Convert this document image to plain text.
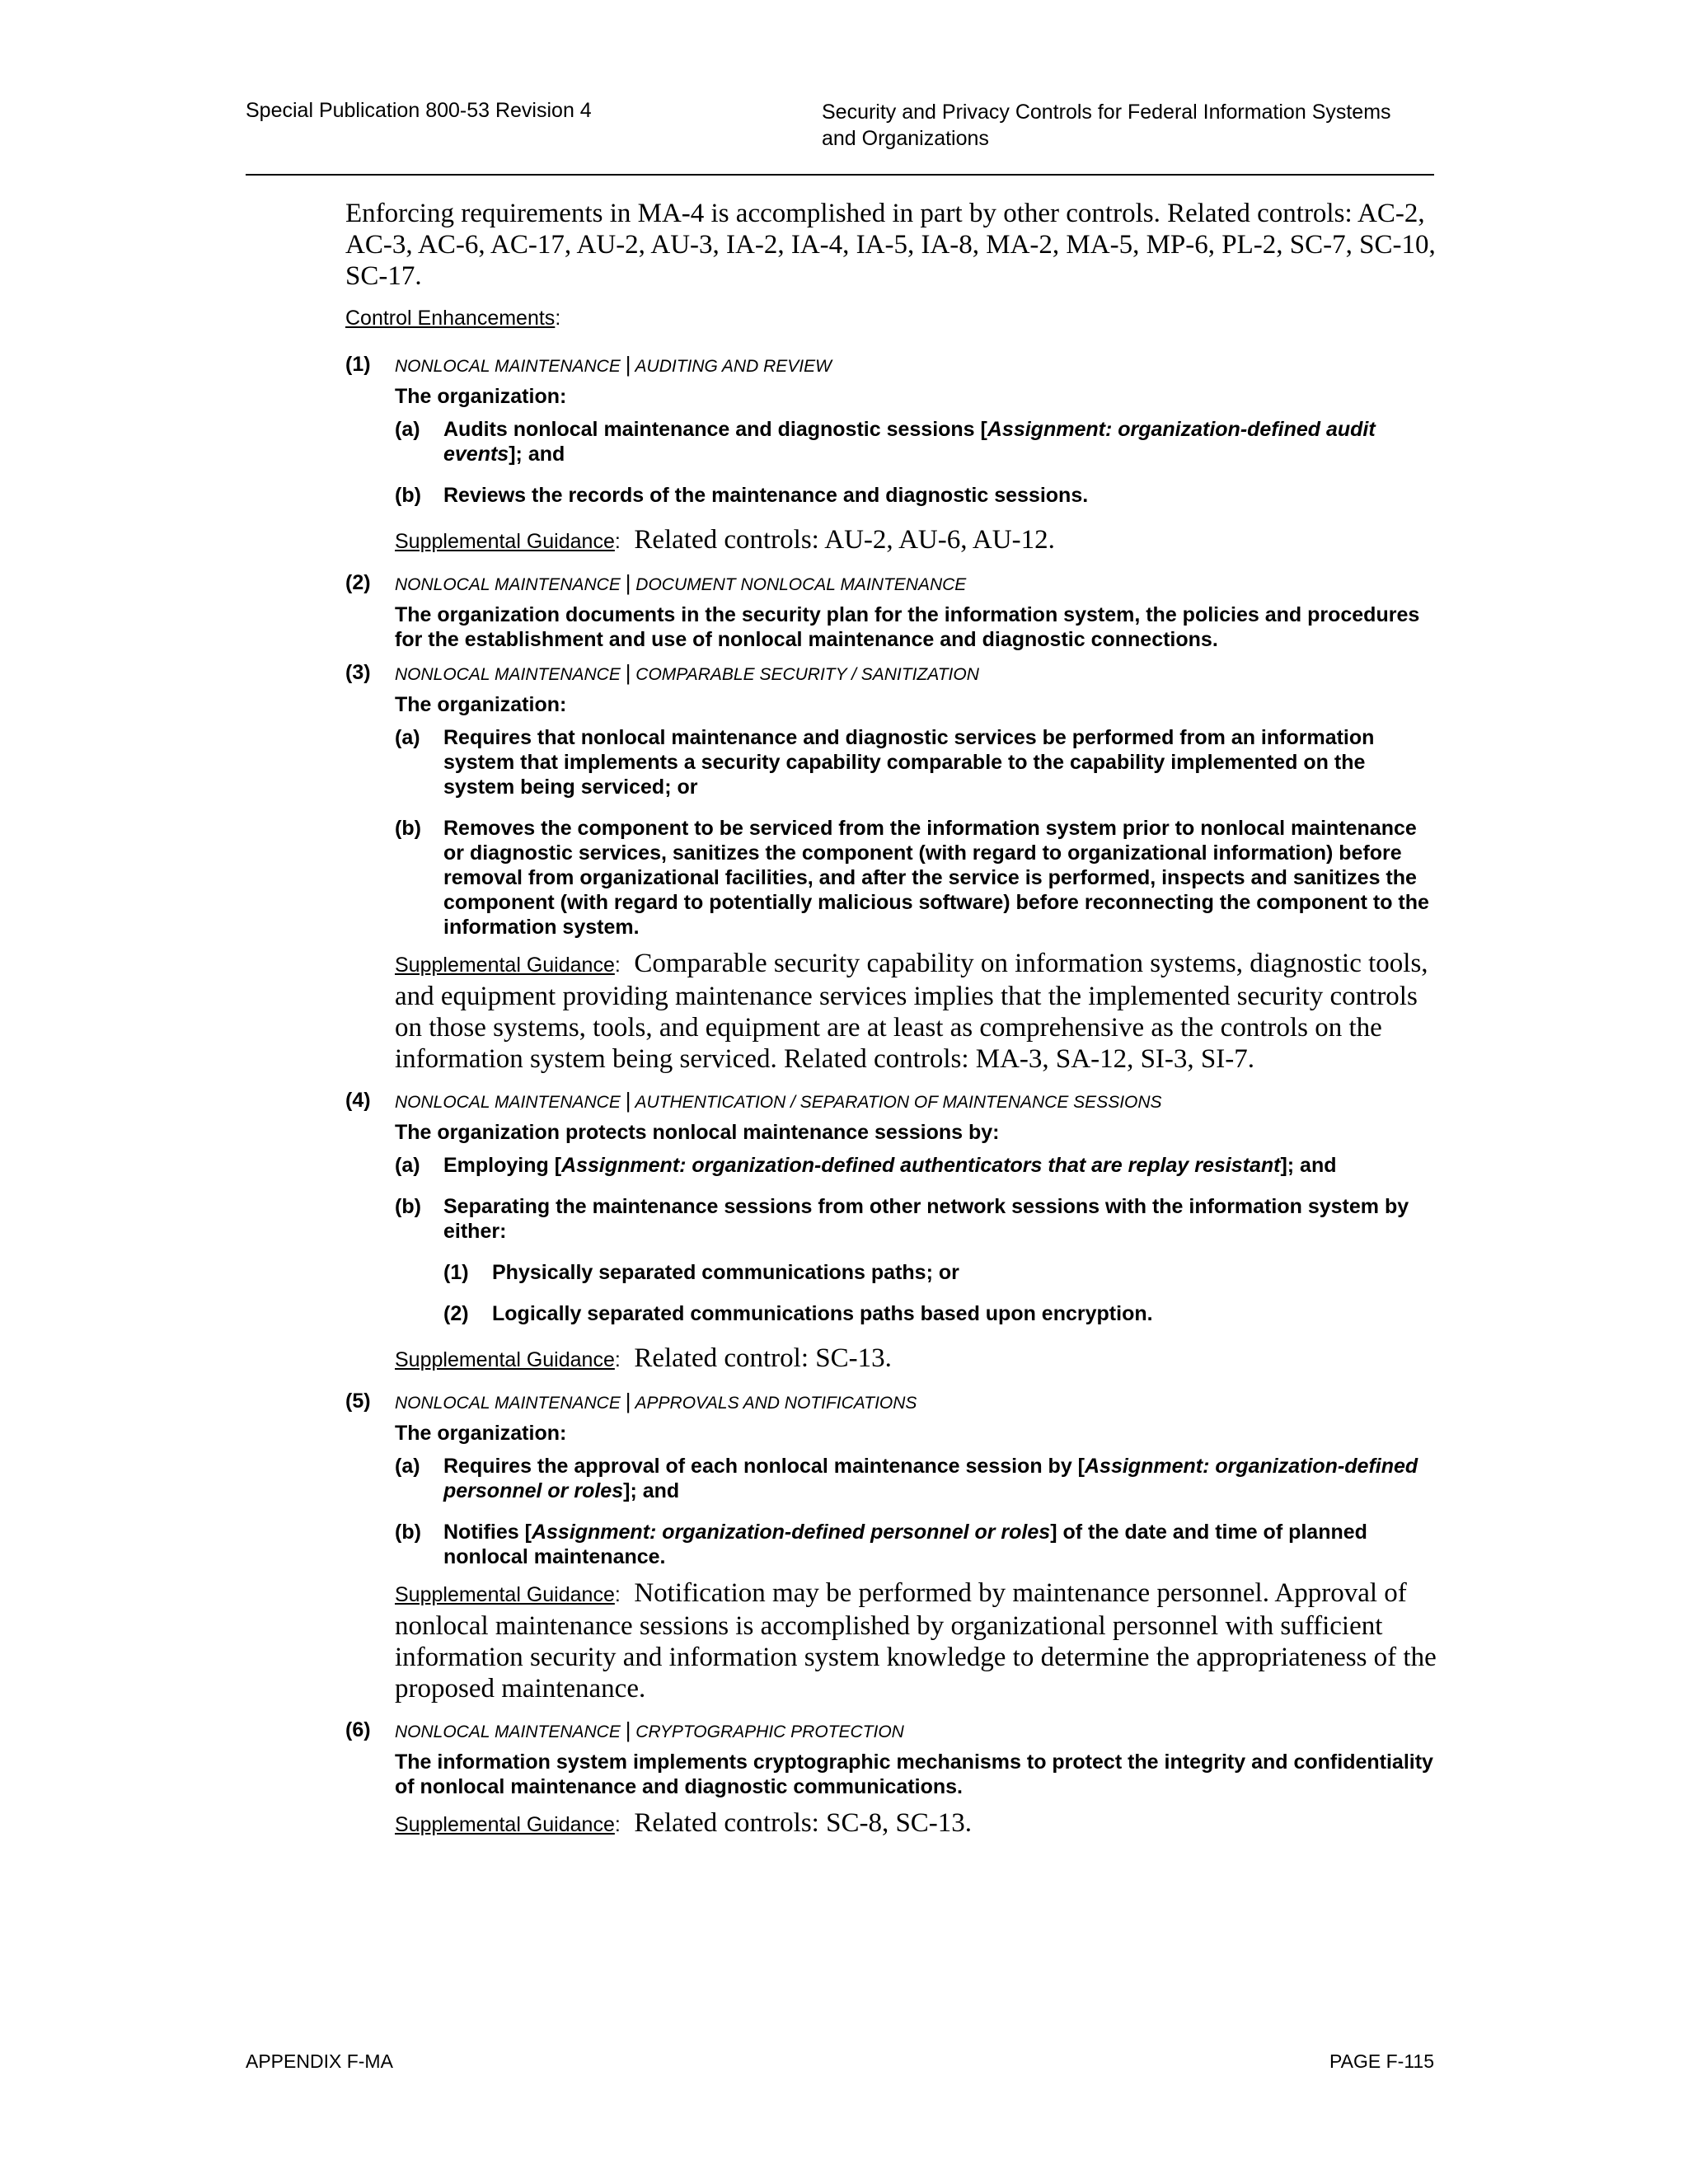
Special Publication 800-53 Revision 4	Security and Privacy Controls for Federal Information Systems
and Organizations

Enforcing requirements in MA-4 is accomplished in part by other controls. Related controls: AC-2, AC-3, AC-6, AC-17, AU-2, AU-3, IA-2, IA-4, IA-5, IA-8, MA-2, MA-5, MP-6, PL-2, SC-7, SC-10, SC-17.

Control Enhancements:

(1) NONLOCAL MAINTENANCE | AUDITING AND REVIEW
The organization:
(a) Audits nonlocal maintenance and diagnostic sessions [Assignment: organization-defined audit events]; and
(b) Reviews the records of the maintenance and diagnostic sessions.

Supplemental Guidance: Related controls: AU-2, AU-6, AU-12.

(2) NONLOCAL MAINTENANCE | DOCUMENT NONLOCAL MAINTENANCE
The organization documents in the security plan for the information system, the policies and procedures for the establishment and use of nonlocal maintenance and diagnostic connections.
(3) NONLOCAL MAINTENANCE | COMPARABLE SECURITY / SANITIZATION
The organization:
(a) Requires that nonlocal maintenance and diagnostic services be performed from an information system that implements a security capability comparable to the capability implemented on the system being serviced; or
(b) Removes the component to be serviced from the information system prior to nonlocal maintenance or diagnostic services, sanitizes the component (with regard to organizational information) before removal from organizational facilities, and after the service is performed, inspects and sanitizes the component (with regard to potentially malicious software) before reconnecting the component to the information system.

Supplemental Guidance: Comparable security capability on information systems, diagnostic tools, and equipment providing maintenance services implies that the implemented security controls on those systems, tools, and equipment are at least as comprehensive as the controls on the information system being serviced. Related controls: MA-3, SA-12, SI-3, SI-7.

(4) NONLOCAL MAINTENANCE | AUTHENTICATION / SEPARATION OF MAINTENANCE SESSIONS
The organization protects nonlocal maintenance sessions by:
(a) Employing [Assignment: organization-defined authenticators that are replay resistant]; and
(b) Separating the maintenance sessions from other network sessions with the information system by either:
(1) Physically separated communications paths; or
(2) Logically separated communications paths based upon encryption.

Supplemental Guidance: Related control: SC-13.

(5) NONLOCAL MAINTENANCE | APPROVALS AND NOTIFICATIONS
The organization:
(a) Requires the approval of each nonlocal maintenance session by [Assignment: organization-defined personnel or roles]; and
(b) Notifies [Assignment: organization-defined personnel or roles] of the date and time of planned nonlocal maintenance.

Supplemental Guidance: Notification may be performed by maintenance personnel. Approval of nonlocal maintenance sessions is accomplished by organizational personnel with sufficient information security and information system knowledge to determine the appropriateness of the proposed maintenance.

(6) NONLOCAL MAINTENANCE | CRYPTOGRAPHIC PROTECTION
The information system implements cryptographic mechanisms to protect the integrity and confidentiality of nonlocal maintenance and diagnostic communications.

Supplemental Guidance: Related controls: SC-8, SC-13.

APPENDIX F-MA	PAGE F-115
